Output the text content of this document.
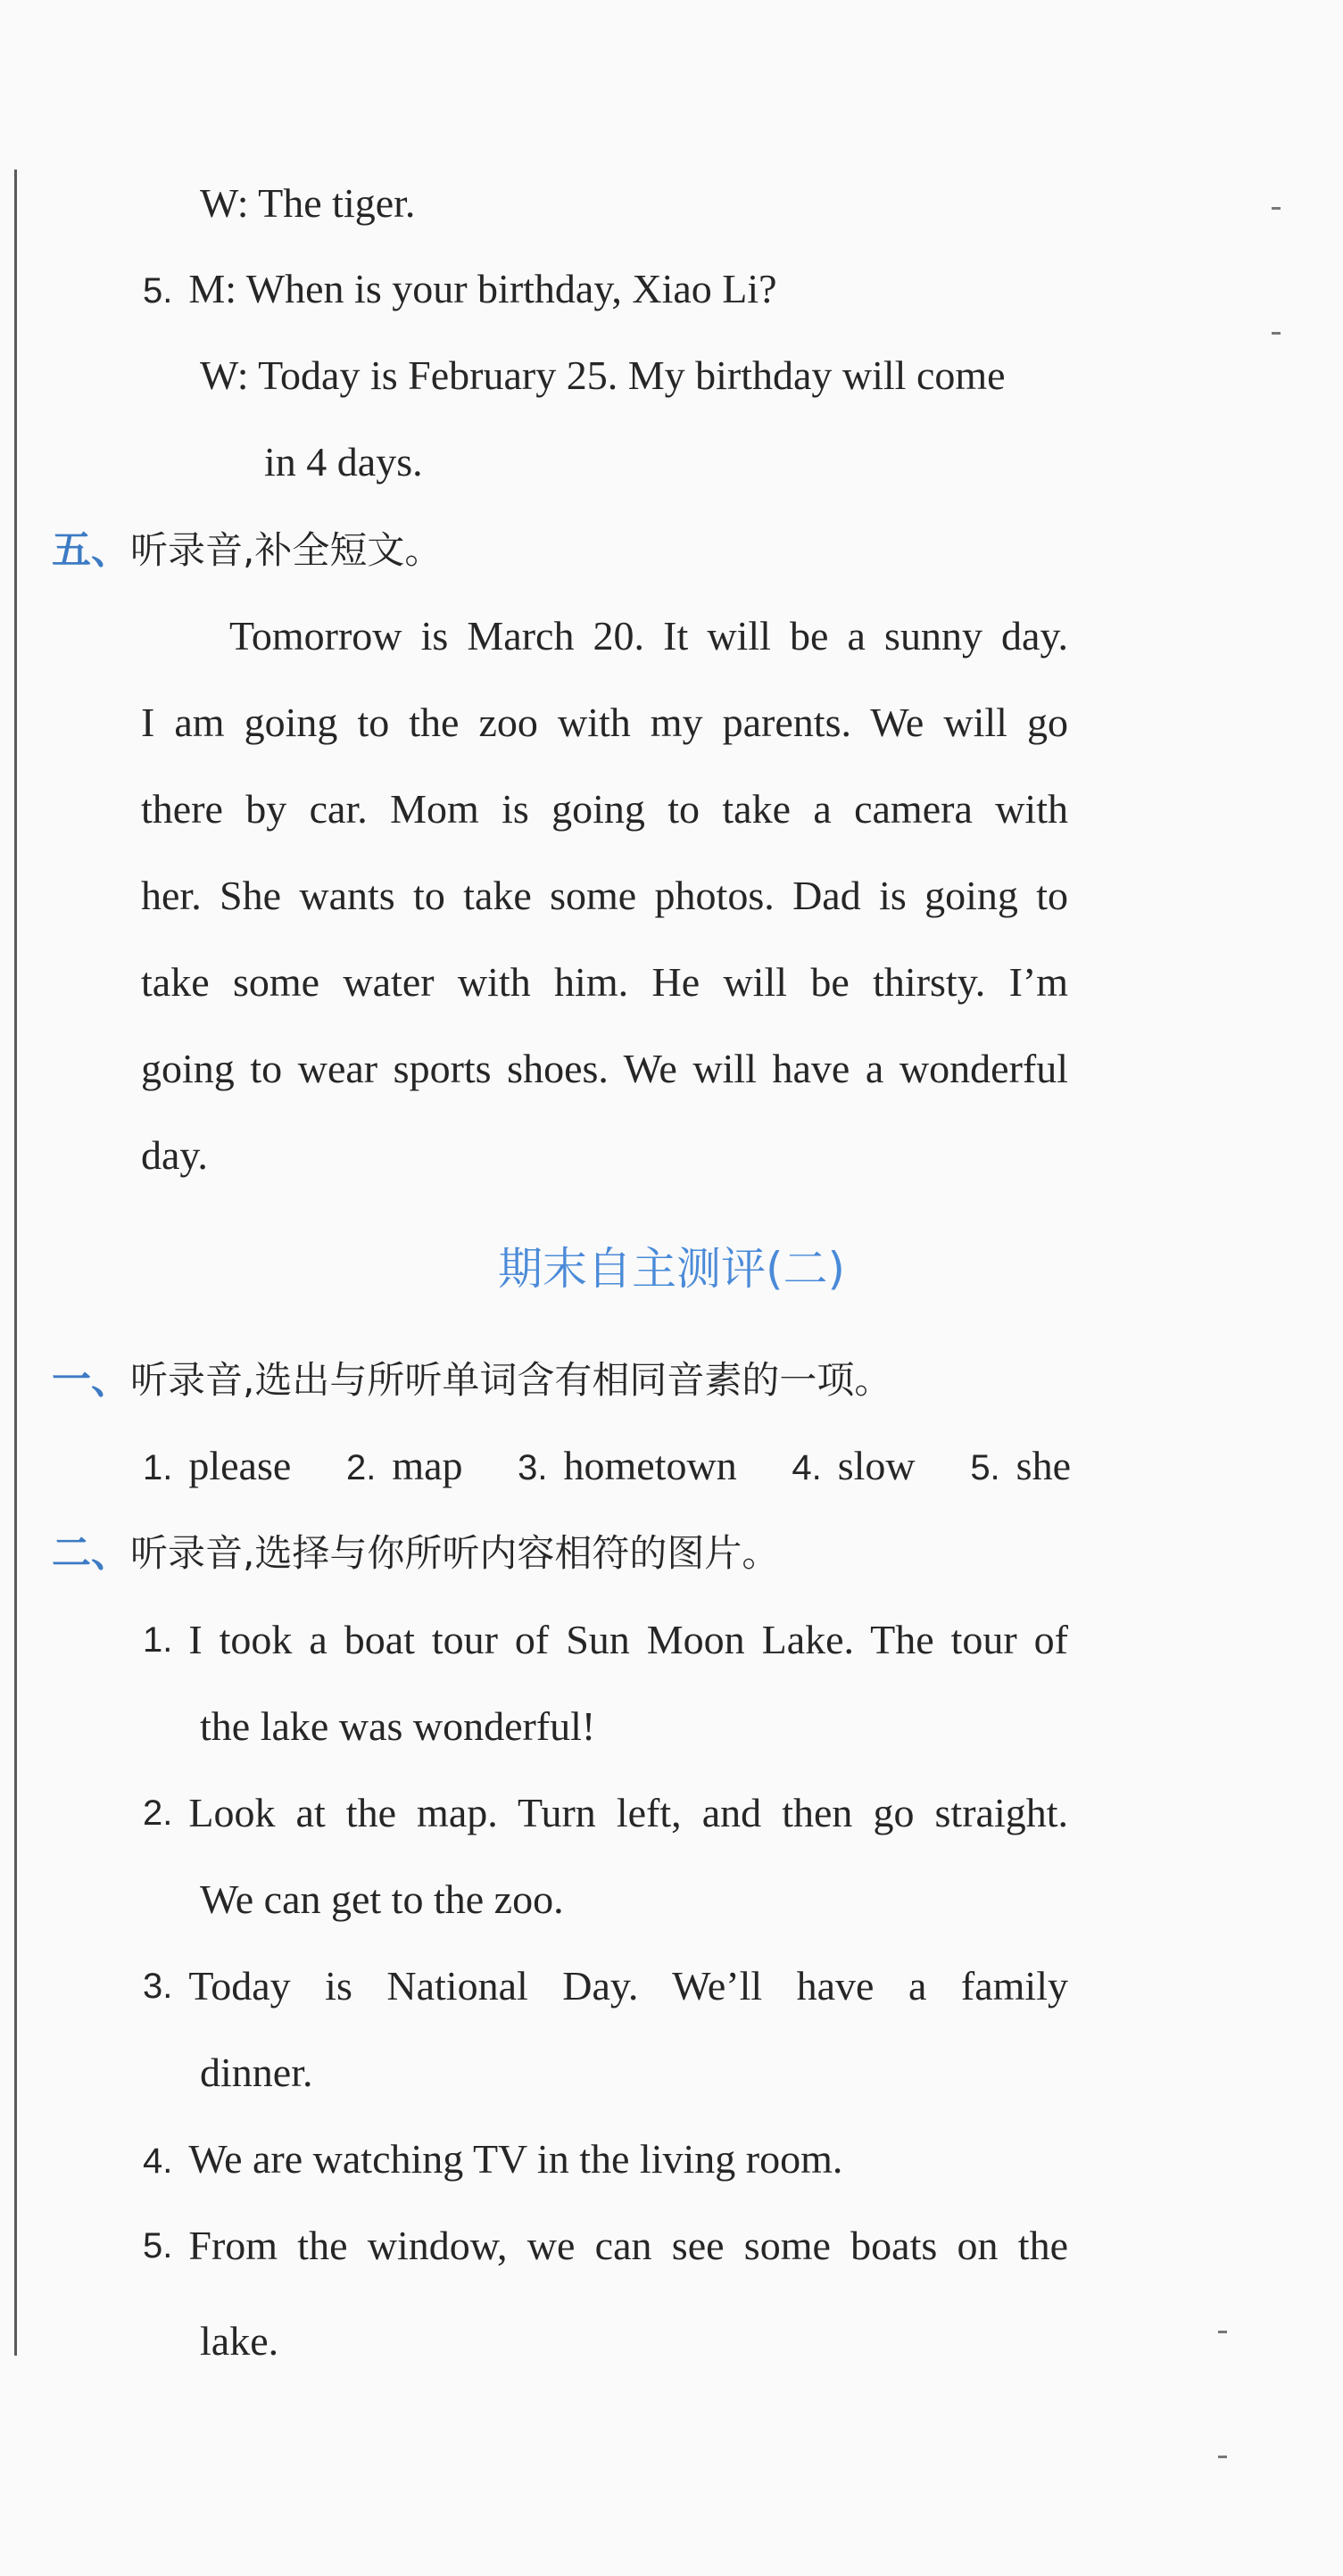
W: The tiger.
5. M: When is your birthday, Xiao Li?
W: Today is February 25. My birthday will come
in 4 days.
五、听录音,补全短文。
Tomorrow is March 20. It will be a sunny day.
I am going to the zoo with my parents. We will go
there by car. Mom is going to take a camera with
her. She wants to take some photos. Dad is going to
take some water with him. He will be thirsty. I’m
going to wear sports shoes. We will have a wonderful
day.
期末自主测评(二)
一、听录音,选出与所听单词含有相同音素的一项。
1. please 2. map 3. hometown 4. slow 5. she
二、听录音,选择与你所听内容相符的图片。
1. I took a boat tour of Sun Moon Lake. The tour of
the lake was wonderful!
2. Look at the map. Turn left, and then go straight.
We can get to the zoo.
3. Today is National Day. We’ll have a family
dinner.
4. We are watching TV in the living room.
5. From the window, we can see some boats on the
lake.
